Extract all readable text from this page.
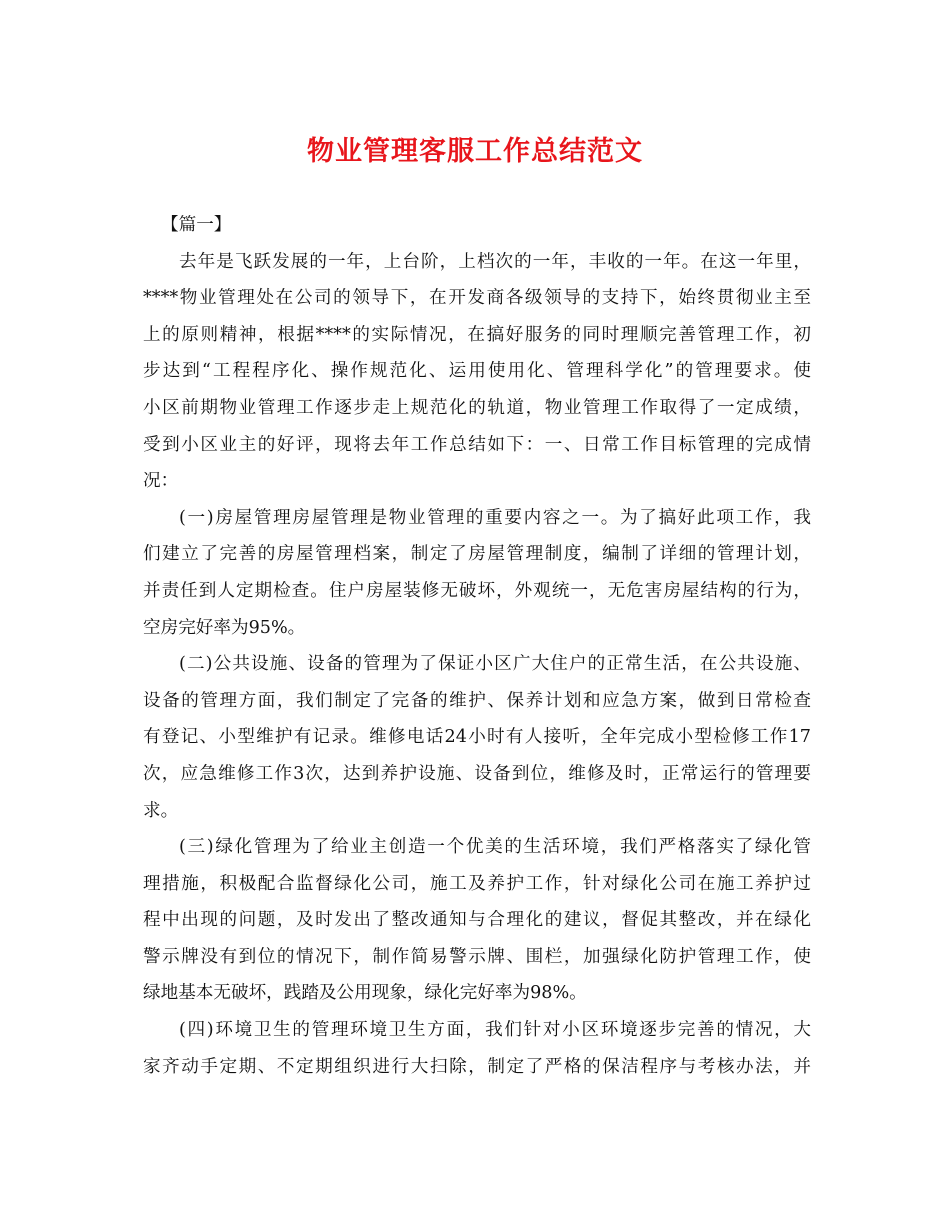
物业管理客服工作总结范文
【篇一】
去年是飞跃发展的一年，上台阶，上档次的一年，丰收的一年。在这一年里，
****物业管理处在公司的领导下，在开发商各级领导的支持下，始终贯彻业主至
上的原则精神，根据****的实际情况，在搞好服务的同时理顺完善管理工作，初
步达到“工程程序化、操作规范化、运用使用化、管理科学化”的管理要求。使
小区前期物业管理工作逐步走上规范化的轨道，物业管理工作取得了一定成绩，
受到小区业主的好评，现将去年工作总结如下：一、日常工作目标管理的完成情
况：
(一)房屋管理房屋管理是物业管理的重要内容之一。为了搞好此项工作，我
们建立了完善的房屋管理档案，制定了房屋管理制度，编制了详细的管理计划，
并责任到人定期检查。住户房屋装修无破坏，外观统一，无危害房屋结构的行为，
空房完好率为95%。
(二)公共设施、设备的管理为了保证小区广大住户的正常生活，在公共设施、
设备的管理方面，我们制定了完备的维护、保养计划和应急方案，做到日常检查
有登记、小型维护有记录。维修电话24小时有人接听，全年完成小型检修工作17
次，应急维修工作3次，达到养护设施、设备到位，维修及时，正常运行的管理要
求。
(三)绿化管理为了给业主创造一个优美的生活环境，我们严格落实了绿化管
理措施，积极配合监督绿化公司，施工及养护工作，针对绿化公司在施工养护过
程中出现的问题，及时发出了整改通知与合理化的建议，督促其整改，并在绿化
警示牌没有到位的情况下，制作简易警示牌、围栏，加强绿化防护管理工作，使
绿地基本无破坏，践踏及公用现象，绿化完好率为98%。
(四)环境卫生的管理环境卫生方面，我们针对小区环境逐步完善的情况，大
家齐动手定期、不定期组织进行大扫除，制定了严格的保洁程序与考核办法，并
